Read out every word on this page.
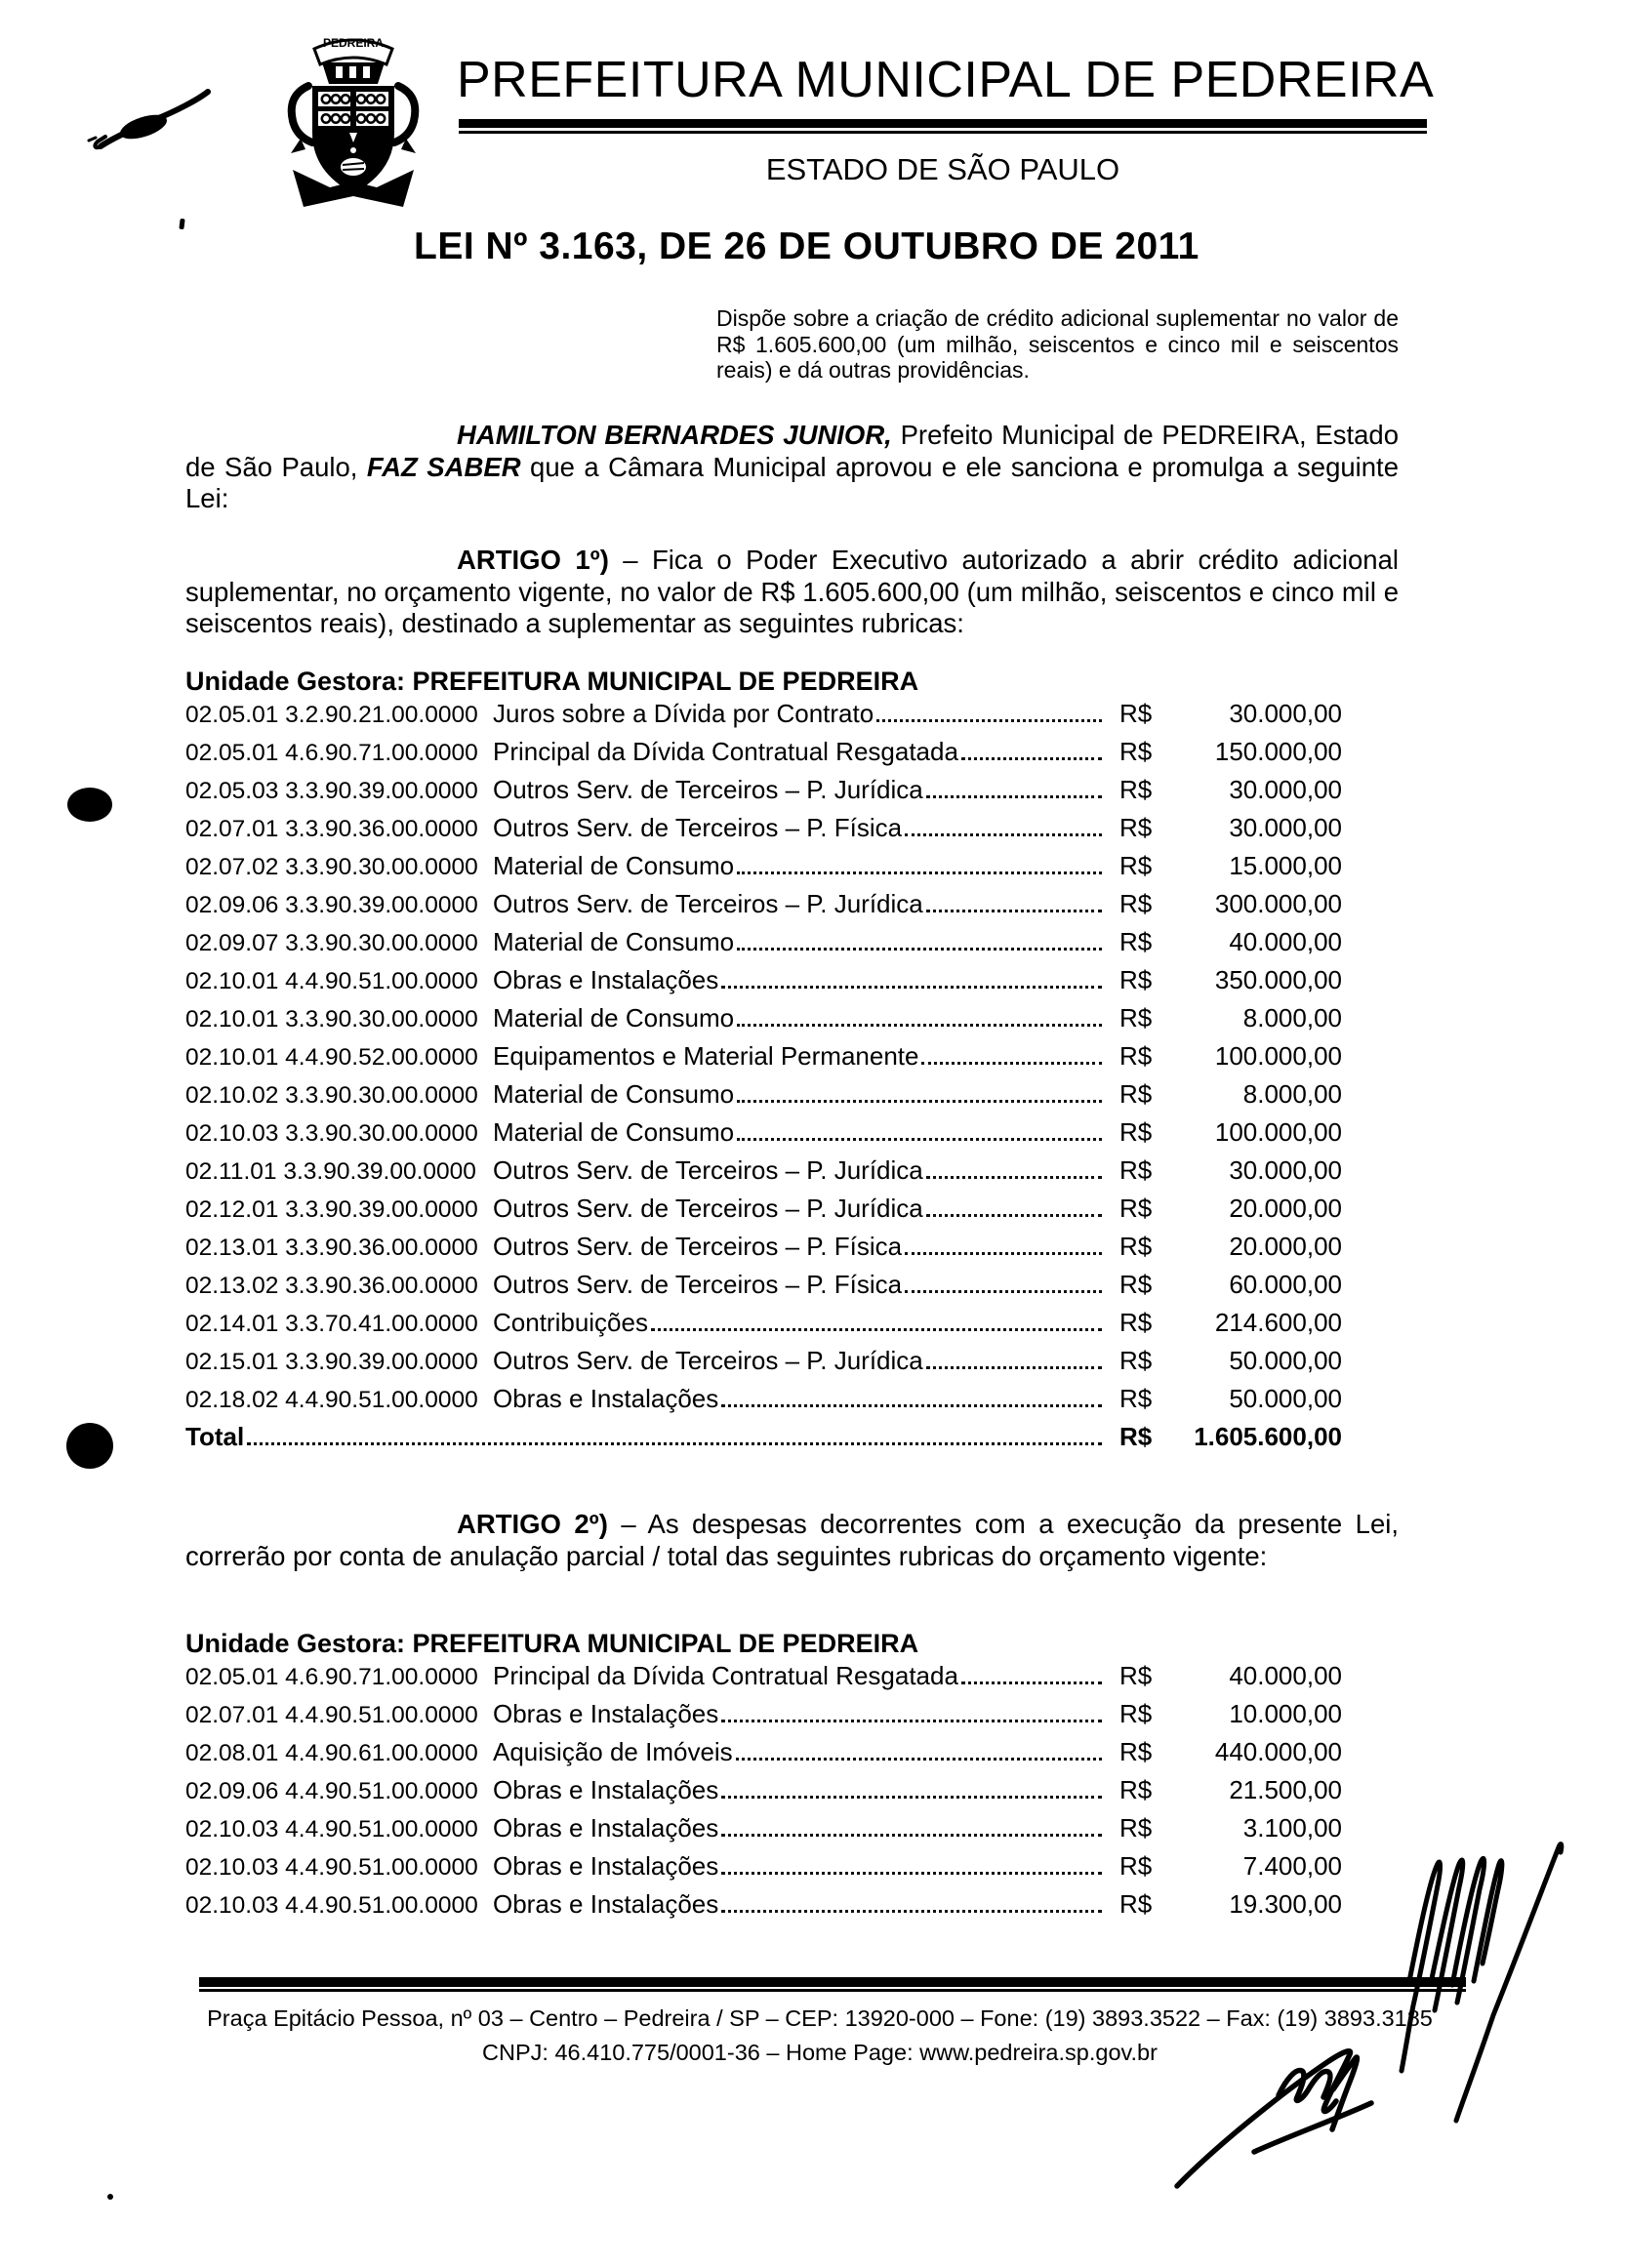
PEDREIRA
PREFEITURA MUNICIPAL DE PEDREIRA
ESTADO DE SÃO PAULO
LEI Nº 3.163, DE 26 DE OUTUBRO DE 2011
Dispõe sobre a criação de crédito adicional suplementar no valor de R$ 1.605.600,00 (um milhão, seiscentos e cinco mil e seiscentos reais) e dá outras providências.
HAMILTON BERNARDES JUNIOR, Prefeito Municipal de PEDREIRA, Estado de São Paulo, FAZ SABER que a Câmara Municipal aprovou e ele sanciona e promulga a seguinte Lei:
ARTIGO 1º) – Fica o Poder Executivo autorizado a abrir crédito adicional suplementar, no orçamento vigente, no valor de R$ 1.605.600,00 (um milhão, seiscentos e cinco mil e seiscentos reais), destinado a suplementar as seguintes rubricas:
Unidade Gestora: PREFEITURA MUNICIPAL DE PEDREIRA
02.05.01 3.2.90.21.00.0000 Juros sobre a Dívida por Contrato	R$	30.000,00
02.05.01 4.6.90.71.00.0000 Principal da Dívida Contratual Resgatada	R$	150.000,00
02.05.03 3.3.90.39.00.0000 Outros Serv. de Terceiros – P. Jurídica	R$	30.000,00
02.07.01 3.3.90.36.00.0000 Outros Serv. de Terceiros – P. Física	R$	30.000,00
02.07.02 3.3.90.30.00.0000 Material de Consumo	R$	15.000,00
02.09.06 3.3.90.39.00.0000 Outros Serv. de Terceiros – P. Jurídica	R$	300.000,00
02.09.07 3.3.90.30.00.0000 Material de Consumo	R$	40.000,00
02.10.01 4.4.90.51.00.0000 Obras e Instalações	R$	350.000,00
02.10.01 3.3.90.30.00.0000 Material de Consumo	R$	8.000,00
02.10.01 4.4.90.52.00.0000 Equipamentos e Material Permanente	R$	100.000,00
02.10.02 3.3.90.30.00.0000 Material de Consumo	R$	8.000,00
02.10.03 3.3.90.30.00.0000 Material de Consumo	R$	100.000,00
02.11.01 3.3.90.39.00.0000 Outros Serv. de Terceiros – P. Jurídica	R$	30.000,00
02.12.01 3.3.90.39.00.0000 Outros Serv. de Terceiros – P. Jurídica	R$	20.000,00
02.13.01 3.3.90.36.00.0000 Outros Serv. de Terceiros – P. Física	R$	20.000,00
02.13.02 3.3.90.36.00.0000 Outros Serv. de Terceiros – P. Física	R$	60.000,00
02.14.01 3.3.70.41.00.0000 Contribuições	R$	214.600,00
02.15.01 3.3.90.39.00.0000 Outros Serv. de Terceiros – P. Jurídica	R$	50.000,00
02.18.02 4.4.90.51.00.0000 Obras e Instalações	R$	50.000,00
Total	R$	1.605.600,00
ARTIGO 2º) – As despesas decorrentes com a execução da presente Lei, correrão por conta de anulação parcial / total das seguintes rubricas do orçamento vigente:
Unidade Gestora: PREFEITURA MUNICIPAL DE PEDREIRA
02.05.01 4.6.90.71.00.0000 Principal da Dívida Contratual Resgatada	R$	40.000,00
02.07.01 4.4.90.51.00.0000 Obras e Instalações	R$	10.000,00
02.08.01 4.4.90.61.00.0000 Aquisição de Imóveis	R$	440.000,00
02.09.06 4.4.90.51.00.0000 Obras e Instalações	R$	21.500,00
02.10.03 4.4.90.51.00.0000 Obras e Instalações	R$	3.100,00
02.10.03 4.4.90.51.00.0000 Obras e Instalações	R$	7.400,00
02.10.03 4.4.90.51.00.0000 Obras e Instalações	R$	19.300,00
Praça Epitácio Pessoa, nº 03 – Centro – Pedreira / SP – CEP: 13920-000 – Fone: (19) 3893.3522 – Fax: (19) 3893.3185
CNPJ: 46.410.775/0001-36 – Home Page: www.pedreira.sp.gov.br
